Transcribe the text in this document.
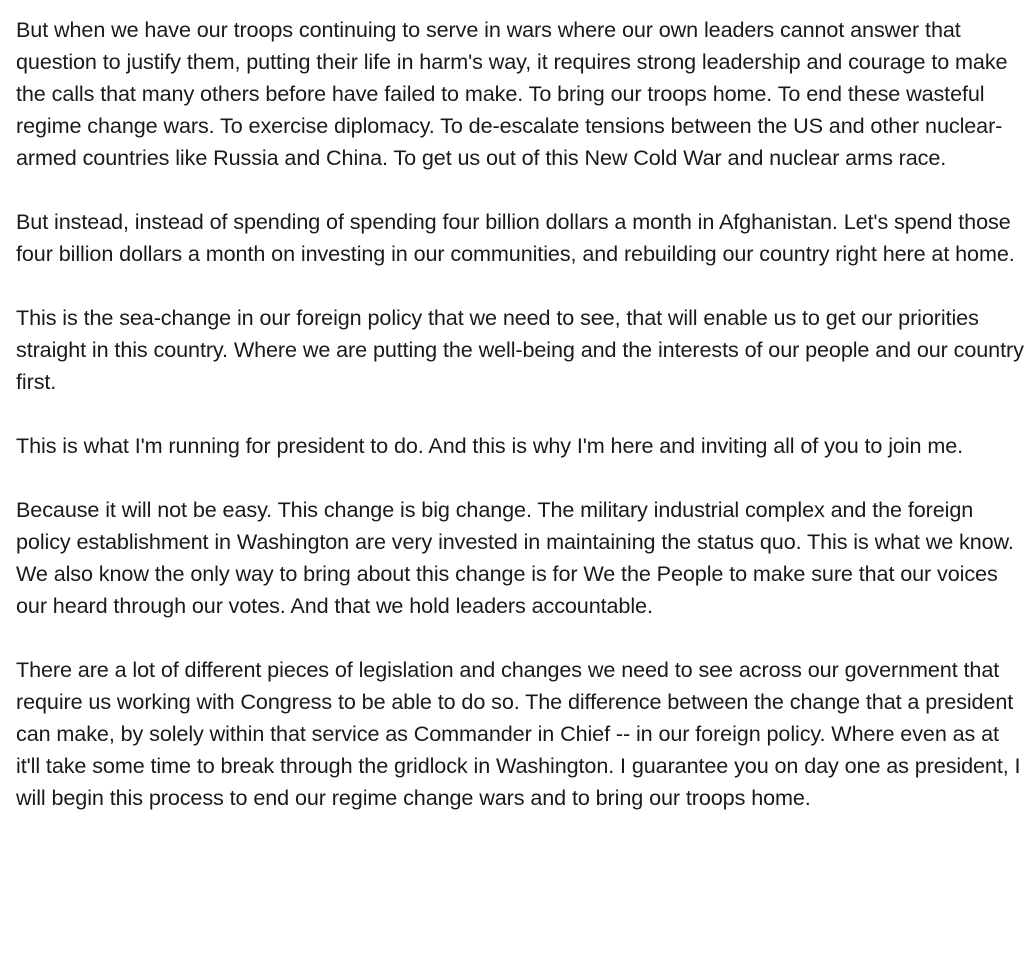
But when we have our troops continuing to serve in wars where our own leaders cannot answer that question to justify them, putting their life in harm's way, it requires strong leadership and courage to make the calls that many others before have failed to make. To bring our troops home. To end these wasteful regime change wars. To exercise diplomacy. To de-escalate tensions between the US and other nuclear-armed countries like Russia and China. To get us out of this New Cold War and nuclear arms race.

But instead, instead of spending of spending four billion dollars a month in Afghanistan. Let's spend those four billion dollars a month on investing in our communities, and rebuilding our country right here at home.

This is the sea-change in our foreign policy that we need to see, that will enable us to get our priorities straight in this country. Where we are putting the well-being and the interests of our people and our country first.

This is what I'm running for president to do. And this is why I'm here and inviting all of you to join me.

Because it will not be easy. This change is big change. The military industrial complex and the foreign policy establishment in Washington are very invested in maintaining the status quo. This is what we know. We also know the only way to bring about this change is for We the People to make sure that our voices our heard through our votes. And that we hold leaders accountable.

There are a lot of different pieces of legislation and changes we need to see across our government that require us working with Congress to be able to do so. The difference between the change that a president can make, by solely within that service as Commander in Chief -- in our foreign policy. Where even as at it'll take some time to break through the gridlock in Washington. I guarantee you on day one as president, I will begin this process to end our regime change wars and to bring our troops home.
